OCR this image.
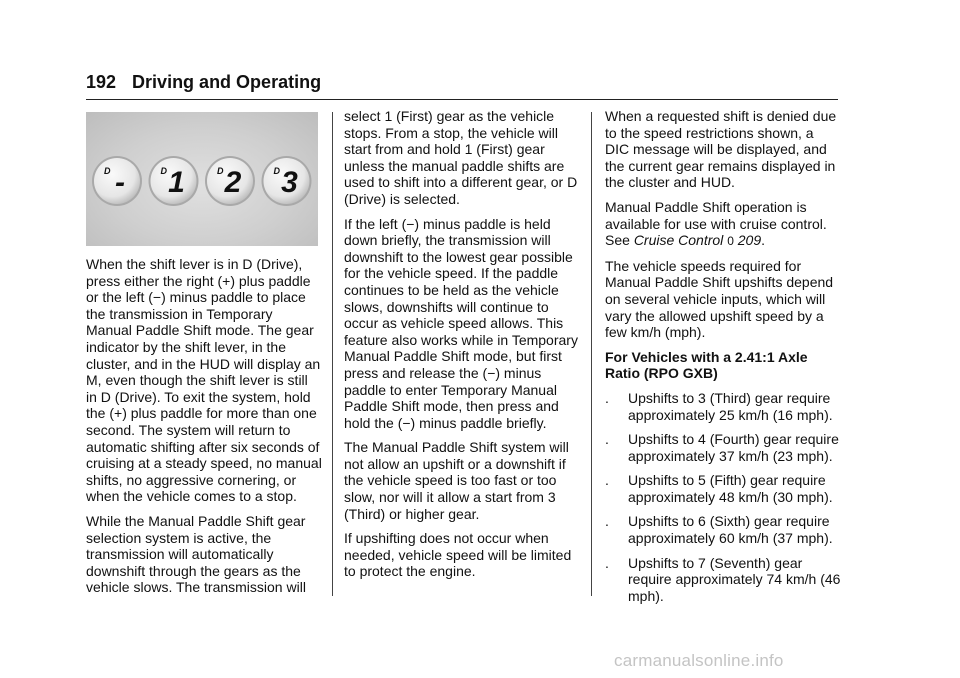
192 Driving and Operating
D -	D 1	D 2	D 3

When the shift lever is in D (Drive), press either the right (+) plus paddle or the left (−) minus paddle to place the transmission in Temporary Manual Paddle Shift mode. The gear indicator by the shift lever, in the cluster, and in the HUD will display an M, even though the shift lever is still in D (Drive). To exit the system, hold the (+) plus paddle for more than one second. The system will return to automatic shifting after six seconds of cruising at a steady speed, no manual shifts, no aggressive cornering, or when the vehicle comes to a stop.

While the Manual Paddle Shift gear selection system is active, the transmission will automatically downshift through the gears as the vehicle slows. The transmission will

select 1 (First) gear as the vehicle stops. From a stop, the vehicle will start from and hold 1 (First) gear unless the manual paddle shifts are used to shift into a different gear, or D (Drive) is selected.

If the left (−) minus paddle is held down briefly, the transmission will downshift to the lowest gear possible for the vehicle speed. If the paddle continues to be held as the vehicle slows, downshifts will continue to occur as vehicle speed allows. This feature also works while in Temporary Manual Paddle Shift mode, but first press and release the (−) minus paddle to enter Temporary Manual Paddle Shift mode, then press and hold the (−) minus paddle briefly.

The Manual Paddle Shift system will not allow an upshift or a downshift if the vehicle speed is too fast or too slow, nor will it allow a start from 3 (Third) or higher gear.

If upshifting does not occur when needed, vehicle speed will be limited to protect the engine.

When a requested shift is denied due to the speed restrictions shown, a DIC message will be displayed, and the current gear remains displayed in the cluster and HUD.

Manual Paddle Shift operation is available for use with cruise control. See Cruise Control 0 209.

The vehicle speeds required for Manual Paddle Shift upshifts depend on several vehicle inputs, which will vary the allowed upshift speed by a few km/h (mph).

For Vehicles with a 2.41:1 Axle Ratio (RPO GXB)
. Upshifts to 3 (Third) gear require approximately 25 km/h (16 mph).
. Upshifts to 4 (Fourth) gear require approximately 37 km/h (23 mph).
. Upshifts to 5 (Fifth) gear require approximately 48 km/h (30 mph).
. Upshifts to 6 (Sixth) gear require approximately 60 km/h (37 mph).
. Upshifts to 7 (Seventh) gear require approximately 74 km/h (46 mph).
carmanualsonline.info
